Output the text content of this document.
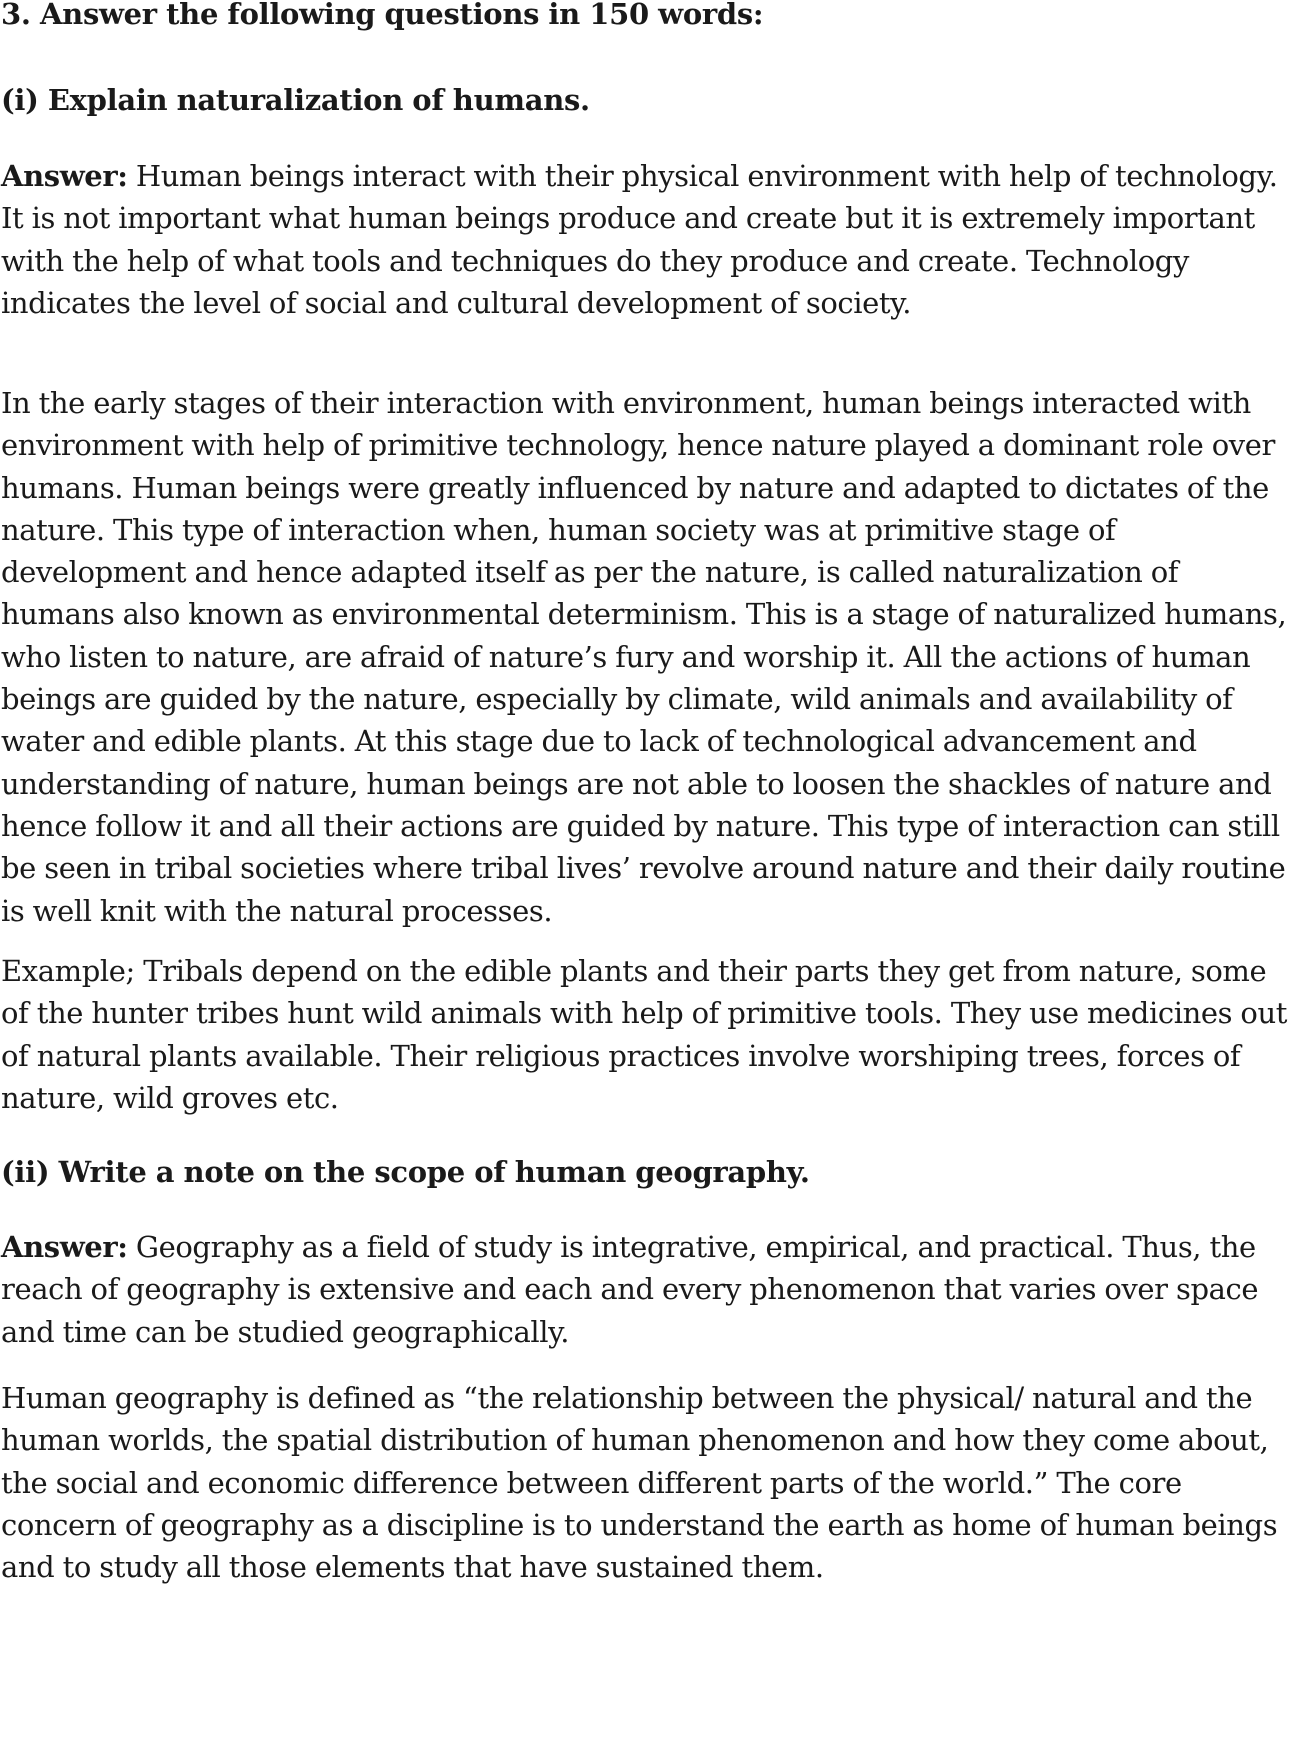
3. Answer the following questions in 150 words:

(i) Explain naturalization of humans.

Answer: Human beings interact with their physical environment with help of technology. It is not important what human beings produce and create but it is extremely important with the help of what tools and techniques do they produce and create. Technology indicates the level of social and cultural development of society.

In the early stages of their interaction with environment, human beings interacted with environment with help of primitive technology, hence nature played a dominant role over humans. Human beings were greatly influenced by nature and adapted to dictates of the nature. This type of interaction when, human society was at primitive stage of development and hence adapted itself as per the nature, is called naturalization of humans also known as environmental determinism. This is a stage of naturalized humans, who listen to nature, are afraid of nature’s fury and worship it. All the actions of human beings are guided by the nature, especially by climate, wild animals and availability of water and edible plants. At this stage due to lack of technological advancement and understanding of nature, human beings are not able to loosen the shackles of nature and hence follow it and all their actions are guided by nature. This type of interaction can still be seen in tribal societies where tribal lives’ revolve around nature and their daily routine is well knit with the natural processes.

Example; Tribals depend on the edible plants and their parts they get from nature, some of the hunter tribes hunt wild animals with help of primitive tools. They use medicines out of natural plants available. Their religious practices involve worshiping trees, forces of nature, wild groves etc.

(ii) Write a note on the scope of human geography.

Answer: Geography as a field of study is integrative, empirical, and practical. Thus, the reach of geography is extensive and each and every phenomenon that varies over space and time can be studied geographically.

Human geography is defined as “the relationship between the physical/ natural and the human worlds, the spatial distribution of human phenomenon and how they come about, the social and economic difference between different parts of the world.” The core concern of geography as a discipline is to understand the earth as home of human beings and to study all those elements that have sustained them.
